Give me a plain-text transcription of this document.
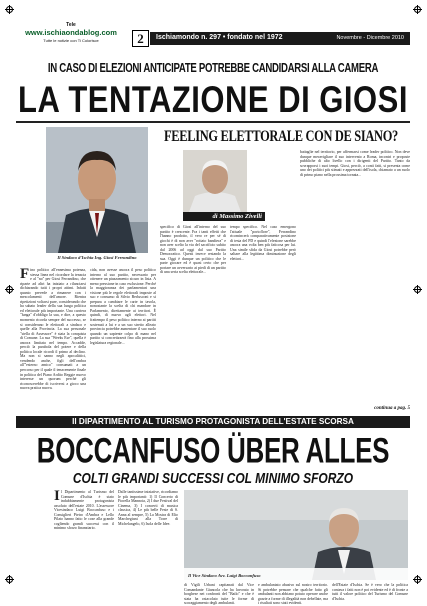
Tele
www.ischiaondablog.com
Tutte le notizie con Ti Colorisce	2	Ischiamondo n. 297 • fondato nel 1972	Novembre - Dicembre 2010
IN CASO DI ELEZIONI ANTICIPATE POTREBBE CANDIDARSI ALLA CAMERA
LA TENTAZIONE DI GIOSI
Il Sindaco d'Ischia Ing. Giosi Ferrandino
FEELING ELETTORALE CON DE SIANO?
di Massimo Zivelli

Fino politico all'ennesima potenza, stessa linea nel ricordare la tenacia e al "no" per Giosi Ferrandino, che riparte ad altri ha iniziato a rilanciarsi dichiarando tutti i propri attimi. Infatti quanto prevede a rimanere con i mescolamenti dell'amore. Rientra ripetizioni voltarsi pure, considerando che ha sabato leader della sua lunga politica ed elettorale più importante. Una carriera "lunga" d'obbligo la sua, e dire, a questo momento ricorda sempre del successo, se si considerano le elettorali a sindaco e quelle alla Provincia. La sua personale "stella di Assessore" è stata la conquista di Comune. La sua "Weeks Ese", quella è ancora limitata nel tempo. Accadde, perciò la parabola del potere e della politica locale ricordi il primo al declino. Ma non si sanno negli apocalittici, vendendo anche, figli dell'ombra all'"esterno amico" consumati a un percorso per il quale il tenacemente finale in politica del Piano Ardito Reggie nuovo interesse un quorum perché gli riconoscerebbe di iscriversi a gioco una nuova pratica nuova.

cida, non avesse ancora il peso politico interno al suo partito, necessario per ottenere un piazzamento sicuro in lista. A meno pressione in caso esclusione. Perché la maggioranza dei parlamentari una visione più le regole elettorali imposte al suo e consumo di Silvio Berlusconi e si prepara a cambiare le carte in tavola, nonostante la scelta di chi mandare in Parlamento, direttamente ai territori. È quindi, di nuovo agli elettori. Nel frattempo il peso politico interno ai partiti sostenuti a lui e a un suo stretto alleato provincia potrebbe aumentare il suo ruolo quando un sapiente colpo di mano nel partito si concretizzerà fino alla prossima legislatura regionale...

specifico di Giosi all'interno del suo partito è crescente. Fra i tanti effetti che l'hanno prodotto, il vero re per sé di giochi è di non aver "rottato bandiera" e non aver scelto la via del sacrificio subito dal 2006 ad oggi dal suo Partito Democratico. Questi invece restando la sua. Oggi è dunque un politico che le parte giocare ed è quasi certo che per portare un avversario ai piedi di un partito di una seria scelta elettorale...

tempo specifico. Nel caso emergono l'attuale "portoflore", Ferrandino ricomincerà comparativamente posizione di testa del PD e quindi l'elezione sarebbe ancora una volta ben più faticosa per lui. Una simile sfida da Giosi potrebbe però saltare alla legittima diminuzione degli elettori...

battaglie nel territorio, per affermarsi come leader politico. Non deve dunque meravigliare il suo intervento a Roma, incontri e proposte pubbliche di alto livello con i dirigenti del Partito. Tanto da sovrapporsi i suoi tempi. Giosi, perciò, a conti fatti, si presenta come uno dei politici più stimati e apprezzati dell'isola, chiamato a un ruolo di primo piano nella prossima tornata...

continua a pag. 5
Il DIPARTIMENTO AL TURISMO PROTAGONISTA DELL'ESTATE SCORSA
BOCCANFUSO ÜBER ALLES
COLTI GRANDI SUCCESSI COL MINIMO SFORZO

Il Dipartimento al Turismo del Comune d'Ischia è stato indubbiamente protagonista assoluto dell'estate 2010. L'assessore Vicesindaco Luigi Boccanfuso e i Consiglieri Pietro d'Ambra e Lello Pilato hanno fatto le cose alla grande cogliendo grandi successi con il minimo sforzo finanziario.

Dalle tantissime iniziative, ricordiamo le più importanti: 1) Il Concerto di Fiorella Mannoia, 2) I due Festival del Cinema, 3) I concerti di musica classica, 4) Le più belle Feste di S. Anna al sempre, 5) La Mostra di Elio Marchegiani alla Torre di Michelangelo, 6) Isola delle Idee.

Il Vice Sindaco Avv. Luigi Boccanfuso

di Vigili Urbani capitanati dal Vice Comandante Giancola che ha lavorato in borghese nei confronti del "Bailo" e che è stata ha ostacolato tutte le forme di scoraggiamento degli ambulanti.

e ambulantato abusivo sul nostro territorio. Si potrebbe pensare che qualche fatto gli ambulanti non abbiano potuto operare anche grazie a forme di illegalità non debellate, ma i risultati sono stati evidenti.

dell'Estate d'Ischia. Se è vero che la politica contava i fatti non è poi evidente ed è di fronte a tutti il valore politico del Turismo del Comune d'Ischia.
